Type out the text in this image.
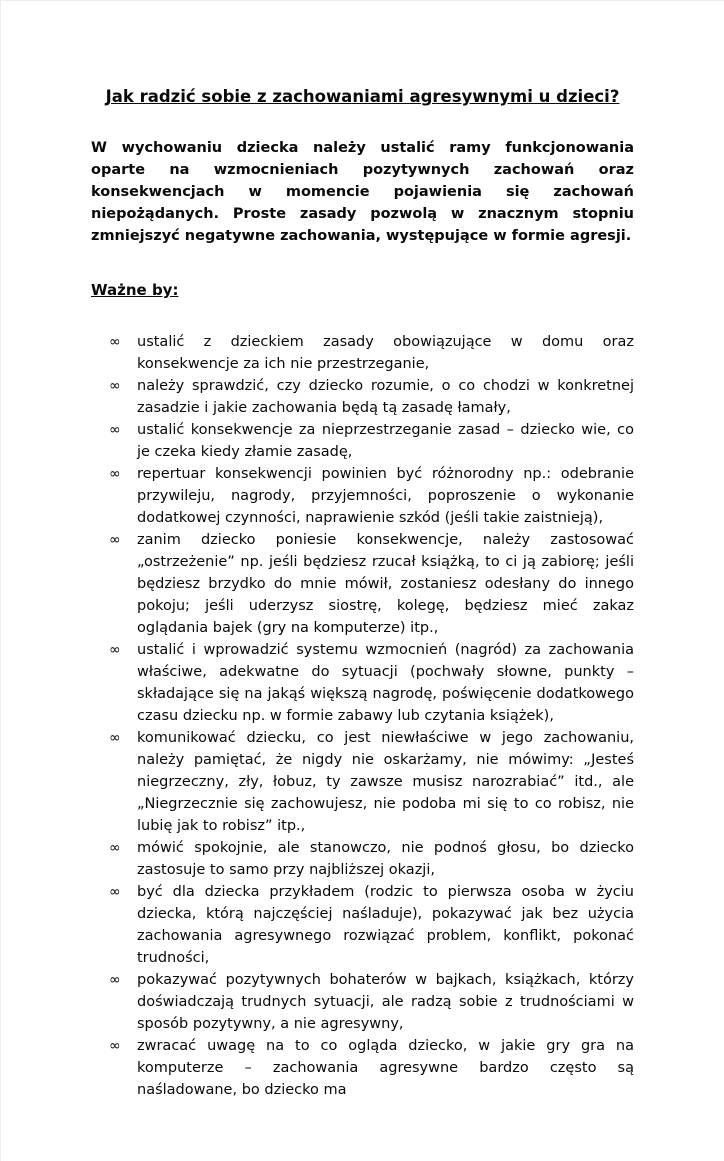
Jak radzić sobie z zachowaniami agresywnymi u dzieci?

W wychowaniu dziecka należy ustalić ramy funkcjonowania oparte na wzmocnieniach pozytywnych zachowań oraz konsekwencjach w momencie pojawienia się zachowań niepożądanych. Proste zasady pozwolą w znacznym stopniu zmniejszyć negatywne zachowania, występujące w formie agresji.

Ważne by:
∞	ustalić z dzieckiem zasady obowiązujące w domu oraz konsekwencje za ich nie przestrzeganie,
∞	należy sprawdzić, czy dziecko rozumie, o co chodzi w konkretnej zasadzie i jakie zachowania będą tą zasadę łamały,
∞	ustalić konsekwencje za nieprzestrzeganie zasad – dziecko wie, co je czeka kiedy złamie zasadę,
∞	repertuar konsekwencji powinien być różnorodny np.: odebranie przywileju, nagrody, przyjemności, poproszenie o wykonanie dodatkowej czynności, naprawienie szkód (jeśli takie zaistnieją),
∞	zanim dziecko poniesie konsekwencje, należy zastosować „ostrzeżenie” np. jeśli będziesz rzucał książką, to ci ją zabiorę; jeśli będziesz brzydko do mnie mówił, zostaniesz odesłany do innego pokoju; jeśli uderzysz siostrę, kolegę, będziesz mieć zakaz oglądania bajek (gry na komputerze) itp.,
∞	ustalić i wprowadzić systemu wzmocnień (nagród) za zachowania właściwe, adekwatne do sytuacji (pochwały słowne, punkty – składające się na jakąś większą nagrodę, poświęcenie dodatkowego czasu dziecku np. w formie zabawy lub czytania książek),
∞	komunikować dziecku, co jest niewłaściwe w jego zachowaniu, należy pamiętać, że nigdy nie oskarżamy, nie mówimy: „Jesteś niegrzeczny, zły, łobuz, ty zawsze musisz narozrabiać” itd., ale „Niegrzecznie się zachowujesz, nie podoba mi się to co robisz, nie lubię jak to robisz” itp.,
∞	mówić spokojnie, ale stanowczo, nie podnoś głosu, bo dziecko zastosuje to samo przy najbliższej okazji,
∞	być dla dziecka przykładem (rodzic to pierwsza osoba w życiu dziecka, którą najczęściej naśladuje), pokazywać jak bez użycia zachowania agresywnego rozwiązać problem, konflikt, pokonać trudności,
∞	pokazywać pozytywnych bohaterów w bajkach, książkach, którzy doświadczają trudnych sytuacji, ale radzą sobie z trudnościami w sposób pozytywny, a nie agresywny,
∞	zwracać uwagę na to co ogląda dziecko, w jakie gry gra na komputerze – zachowania agresywne bardzo często są naśladowane, bo dziecko ma
